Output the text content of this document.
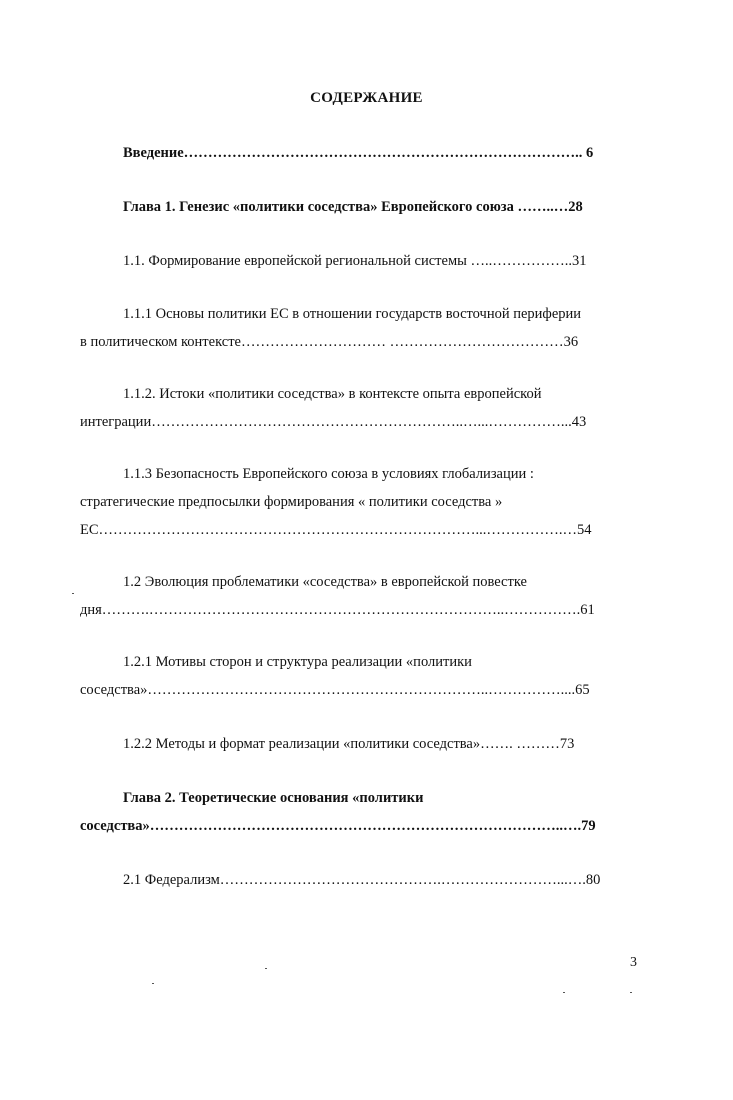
СОДЕРЖАНИЕ
Введение……………………………………………………………………….. 6
Глава 1. Генезис «политики соседства» Европейского союза ……..…28
1.1. Формирование европейской региональной системы …..……………..31
1.1.1 Основы политики ЕС в отношении государств восточной периферии
в политическом контексте………………………… ………………………………36
1.1.2. Истоки «политики соседства» в контексте опыта европейской
интеграции………………………………………………………..…...……………...43
1.1.3 Безопасность Европейского союза в условиях глобализации :
стратегические предпосылки формирования « политики соседства »
ЕС……………………………………………………………………...…………….…54
1.2 Эволюция проблематики «соседства» в европейской повестке
дня……….………………………………………………………………..…………….61
1.2.1 Мотивы сторон и структура реализации «политики
соседства»……………………………………………………………..……………....65
1.2.2 Методы и формат реализации «политики соседства»……. ………73
Глава 2. Теоретические основания «политики
соседства»…………………………………………………………………………..….79
2.1 Федерализм……………………………………….……………………...….80
3
